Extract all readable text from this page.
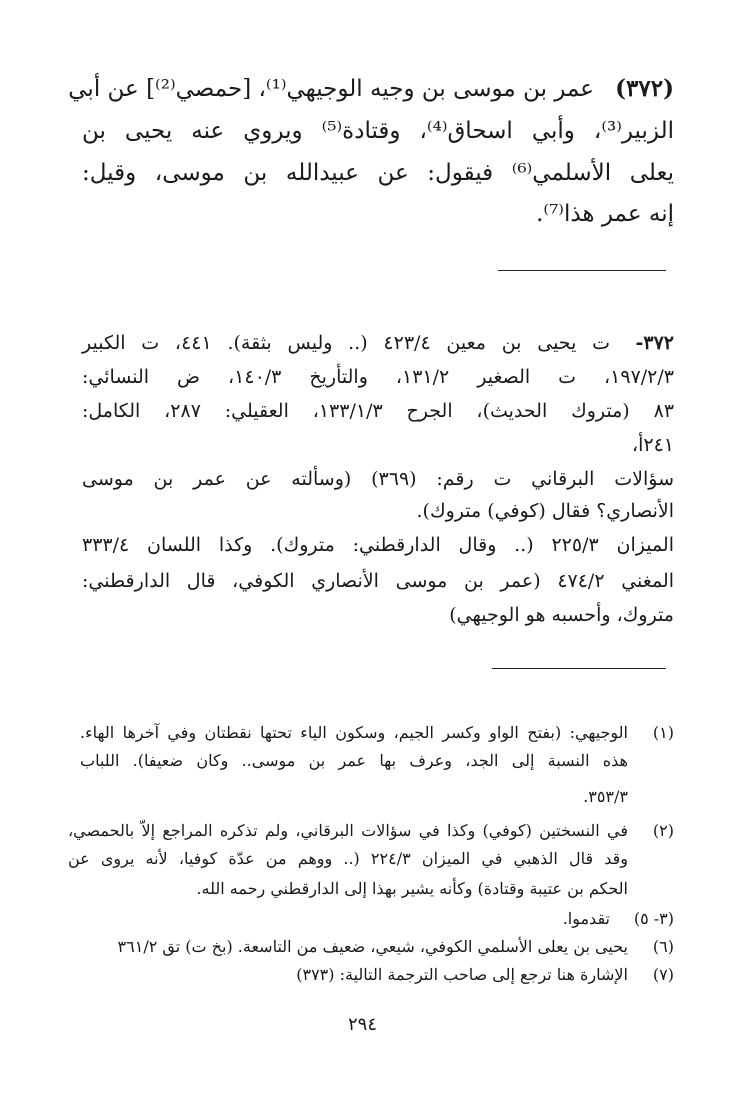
(٣٧٢)
عمر بن موسى بن وجيه الوجيهي⁽¹⁾، [حمصي⁽²⁾] عن أبي
الزبير⁽³⁾، وأبي اسحاق⁽⁴⁾، وقتادة⁽⁵⁾ ويروي عنه يحيى بن
يعلى الأسلمي⁽⁶⁾ فيقول: عن عبيدالله بن موسى، وقيل:
إنه عمر هذا⁽⁷⁾.
٣٧٢-
ت يحيى بن معين ٤٢٣/٤ (.. وليس بثقة). ٤٤١، ت الكبير
١٩٧/٢/٣، ت الصغير ١٣١/٢، والتأريخ ١٤٠/٣، ض النسائي:
٨٣ (متروك الحديث)، الجرح ١٣٣/١/٣، العقيلي: ٢٨٧، الكامل:
٢٤١أ،
سؤالات البرقاني ت رقم: (٣٦٩) (وسألته عن عمر بن موسى
الأنصاري؟ فقال (كوفي) متروك).
الميزان ٢٢٥/٣ (.. وقال الدارقطني: متروك). وكذا اللسان ٣٣٣/٤
المغني ٤٧٤/٢ (عمر بن موسى الأنصاري الكوفي، قال الدارقطني:
متروك، وأحسبه هو الوجيهي)
(١)
الوجيهي: (بفتح الواو وكسر الجيم، وسكون الياء تحتها نقطتان وفي آخرها الهاء.
هذه النسبة إلى الجد، وعرف بها عمر بن موسى.. وكان ضعيفا). اللباب
٣٥٣/٣.
(٢)
في النسختين (كوفي) وكذا في سؤالات البرقاني، ولم تذكره المراجع إلاّ بالحمصي،
وقد قال الذهبي في الميزان ٢٢٤/٣ (.. ووهم من عدّة كوفيا، لأنه يروى عن
الحكم بن عتيبة وقتادة) وكأنه يشير بهذا إلى الدارقطني رحمه الله.
(٣- ٥)
تقدموا.
(٦)
يحيى بن يعلى الأسلمي الكوفي، شيعي، ضعيف من التاسعة. (بخ ت) تق ٣٦١/٢
(٧)
الإشارة هنا ترجع إلى صاحب الترجمة التالية: (٣٧٣)
٢٩٤
